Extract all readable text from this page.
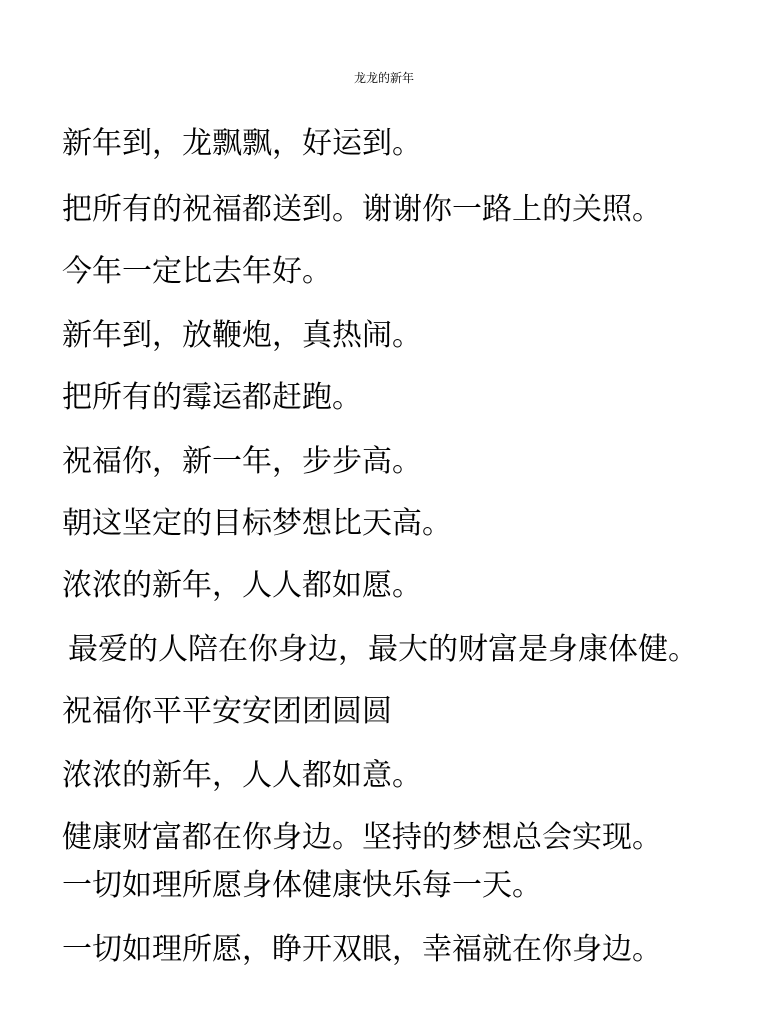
龙龙的新年
新年到，龙飘飘，好运到。
把所有的祝福都送到。谢谢你一路上的关照。
今年一定比去年好。
新年到，放鞭炮，真热闹。
把所有的霉运都赶跑。
祝福你，新一年，步步高。
朝这坚定的目标梦想比天高。
浓浓的新年，人人都如愿。
最爱的人陪在你身边，最大的财富是身康体健。
祝福你平平安安团团圆圆
浓浓的新年，人人都如意。
健康财富都在你身边。坚持的梦想总会实现。
一切如理所愿身体健康快乐每一天。
一切如理所愿，睁开双眼，幸福就在你身边。
